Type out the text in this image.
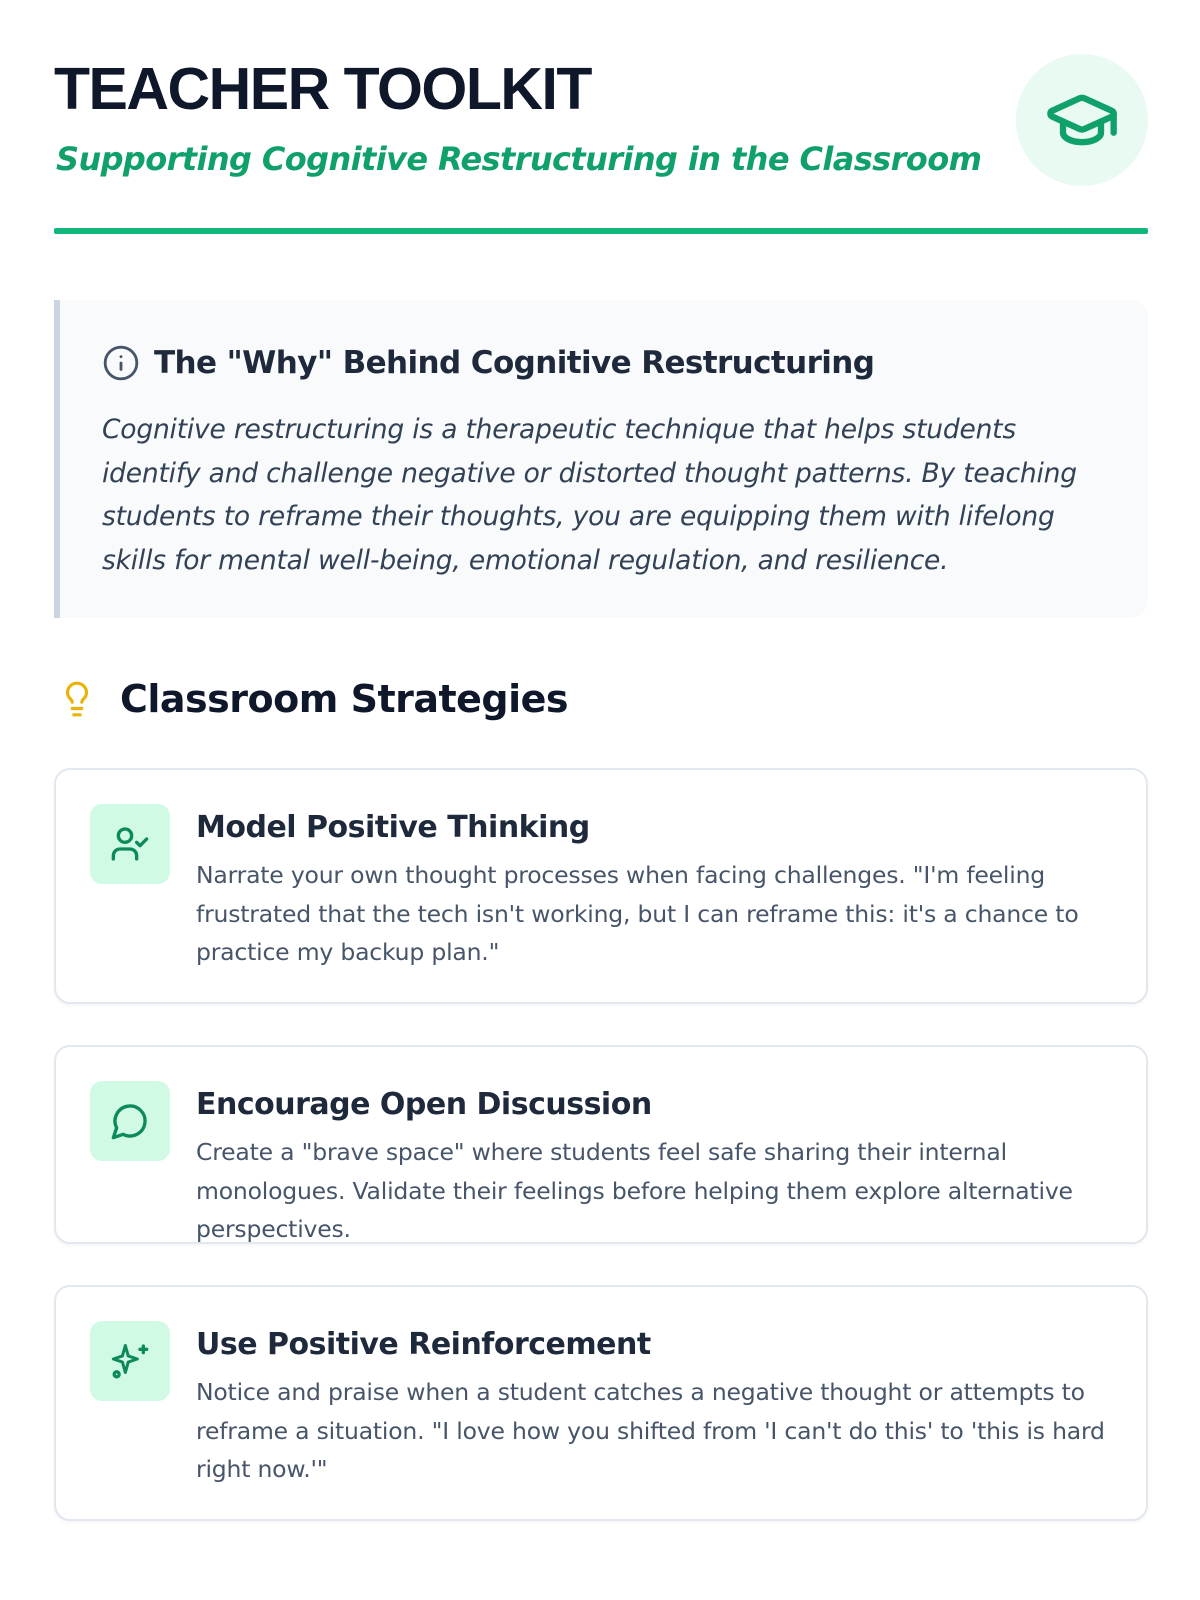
TEACHER TOOLKIT
Supporting Cognitive Restructuring in the Classroom
The "Why" Behind Cognitive Restructuring
Cognitive restructuring is a therapeutic technique that helps students identify and challenge negative or distorted thought patterns. By teaching students to reframe their thoughts, you are equipping them with lifelong skills for mental well-being, emotional regulation, and resilience.
Classroom Strategies
Model Positive Thinking
Narrate your own thought processes when facing challenges. "I'm feeling frustrated that the tech isn't working, but I can reframe this: it's a chance to practice my backup plan."
Encourage Open Discussion
Create a "brave space" where students feel safe sharing their internal monologues. Validate their feelings before helping them explore alternative perspectives.
Use Positive Reinforcement
Notice and praise when a student catches a negative thought or attempts to reframe a situation. "I love how you shifted from 'I can't do this' to 'this is hard right now.'"
